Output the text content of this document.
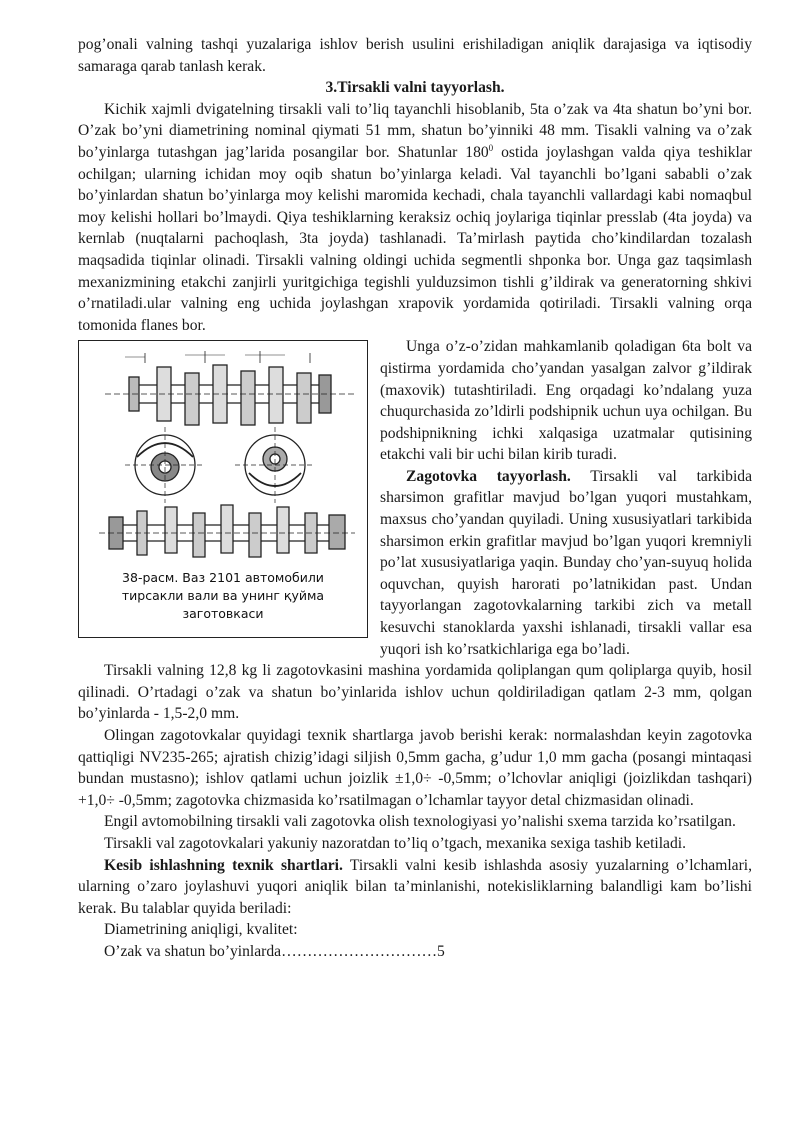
pog’onali valning tashqi yuzalariga ishlov berish usulini erishiladigan aniqlik darajasiga va iqtisodiy samaraga qarab tanlash kerak.

3.Tirsakli valni tayyorlash.

Kichik xajmli dvigatelning tirsakli vali to’liq tayanchli hisoblanib, 5ta o’zak va 4ta shatun bo’yni bor. O’zak bo’yni diametrining nominal qiymati 51 mm, shatun bo’yinniki 48 mm. Tisakli valning va o’zak bo’yinlarga tutashgan jag’larida posangilar bor. Shatunlar $180^0$ ostida joylashgan valda qiya teshiklar ochilgan; ularning ichidan moy oqib shatun bo’yinlarga keladi. Val tayanchli bo’lgani sababli o’zak bo’yinlardan shatun bo’yinlarga moy kelishi maromida kechadi, chala tayanchli vallardagi kabi nomaqbul moy kelishi hollari bo’lmaydi. Qiya teshiklarning keraksiz ochiq joylariga tiqinlar presslab (4ta joyda) va kernlab (nuqtalarni pachoqlash, 3ta joyda) tashlanadi. Ta’mirlash paytida cho’kindilardan tozalash maqsadida tiqinlar olinadi. Tirsakli valning oldingi uchida segmentli shponka bor. Unga gaz taqsimlash mexanizmining etakchi zanjirli yuritgichiga tegishli yulduzsimon tishli g’ildirak va generatorning shkivi o’rnatiladi.ular valning eng uchida joylashgan xrapovik yordamida qotiriladi. Tirsakli valning orqa tomonida flanes bor.

38-расм. Ваз 2101 автомобили
тирсакли вали ва унинг қуйма
заготовкаси

Unga o’z-o’zidan mahkamlanib qoladigan 6ta bolt va qistirma yordamida cho’yandan yasalgan zalvor g’ildirak (maxovik) tutashtiriladi. Eng orqadagi ko’ndalang yuza chuqurchasida zo’ldirli podshipnik uchun uya ochilgan. Bu podshipnikning ichki xalqasiga uzatmalar qutisining etakchi vali bir uchi bilan kirib turadi.

Zagotovka tayyorlash. Tirsakli val tarkibida sharsimon grafitlar mavjud bo’lgan yuqori mustahkam, maxsus cho’yandan quyiladi. Uning xususiyatlari tarkibida sharsimon erkin grafitlar mavjud bo’lgan yuqori kremniyli po’lat xususiyatlariga yaqin. Bunday cho’yan-suyuq holida oquvchan, quyish harorati po’latnikidan past. Undan tayyorlangan zagotovkalarning tarkibi zich va metall kesuvchi stanoklarda yaxshi ishlanadi, tirsakli vallar esa yuqori ish ko’rsatkichlariga ega bo’ladi.

Tirsakli valning 12,8 kg li zagotovkasini mashina yordamida qoliplangan qum qoliplarga quyib, hosil qilinadi. O’rtadagi o’zak va shatun bo’yinlarida ishlov uchun qoldiriladigan qatlam 2-3 mm, qolgan bo’yinlarda - 1,5-2,0 mm.

Olingan zagotovkalar quyidagi texnik shartlarga javob berishi kerak: normalashdan keyin zagotovka qattiqligi NV235-265; ajratish chizig’idagi siljish 0,5mm gacha, g’udur 1,0 mm gacha (posangi mintaqasi bundan mustasno); ishlov qatlami uchun joizlik ±1,0÷ -0,5mm; o’lchovlar aniqligi (joizlikdan tashqari) +1,0÷ -0,5mm; zagotovka chizmasida ko’rsatilmagan o’lchamlar tayyor detal chizmasidan olinadi.

Engil avtomobilning tirsakli vali zagotovka olish texnologiyasi yo’nalishi sxema tarzida ko’rsatilgan.

Tirsakli val zagotovkalari yakuniy nazoratdan to’liq o’tgach, mexanika sexiga tashib ketiladi.

Kesib ishlashning texnik shartlari. Tirsakli valni kesib ishlashda asosiy yuzalarning o’lchamlari, ularning o’zaro joylashuvi yuqori aniqlik bilan ta’minlanishi, notekisliklarning balandligi kam bo’lishi kerak. Bu talablar quyida beriladi:

Diametrining aniqligi, kvalitet:

O’zak va shatun bo’yinlarda…………………………5
